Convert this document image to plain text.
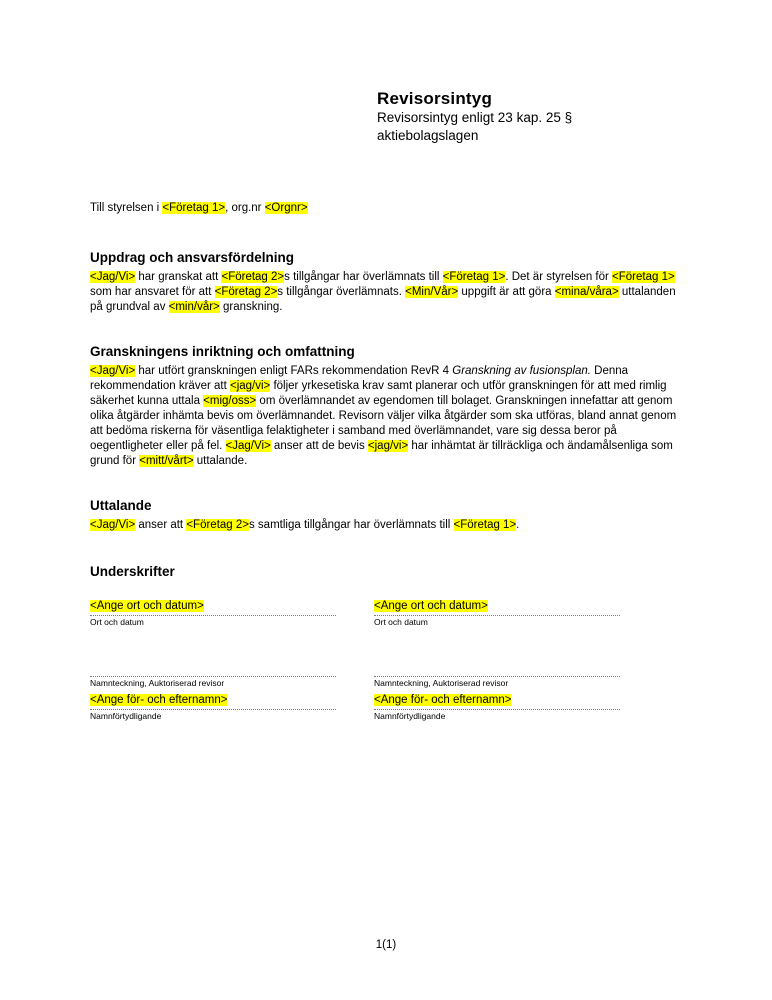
Revisorsintyg
Revisorsintyg enligt 23 kap. 25 §
aktiebolagslagen

Till styrelsen i <Företag 1>, org.nr <Orgnr>

Uppdrag och ansvarsfördelning

<Jag/Vi> har granskat att <Företag 2>s tillgångar har överlämnats till <Företag 1>. Det är styrelsen för <Företag 1> som har ansvaret för att <Företag 2>s tillgångar överlämnats. <Min/Vår> uppgift är att göra <mina/våra> uttalanden på grundval av <min/vår> granskning.

Granskningens inriktning och omfattning

<Jag/Vi> har utfört granskningen enligt FARs rekommendation RevR 4 Granskning av fusionsplan. Denna rekommendation kräver att <jag/vi> följer yrkesetiska krav samt planerar och utför granskningen för att med rimlig säkerhet kunna uttala <mig/oss> om överlämnandet av egendomen till bolaget. Granskningen innefattar att genom olika åtgärder inhämta bevis om överlämnandet. Revisorn väljer vilka åtgärder som ska utföras, bland annat genom att bedöma riskerna för väsentliga felaktigheter i samband med överlämnandet, vare sig dessa beror på oegentligheter eller på fel. <Jag/Vi> anser att de bevis <jag/vi> har inhämtat är tillräckliga och ändamålsenliga som grund för <mitt/vårt> uttalande.

Uttalande

<Jag/Vi> anser att <Företag 2>s samtliga tillgångar har överlämnats till <Företag 1>.

Underskrifter
<Ange ort och datum>
Ort och datum
Namnteckning, Auktoriserad revisor
<Ange för- och efternamn>
Namnförtydligande
<Ange ort och datum>
Ort och datum
Namnteckning, Auktoriserad revisor
<Ange för- och efternamn>
Namnförtydligande
1(1)
